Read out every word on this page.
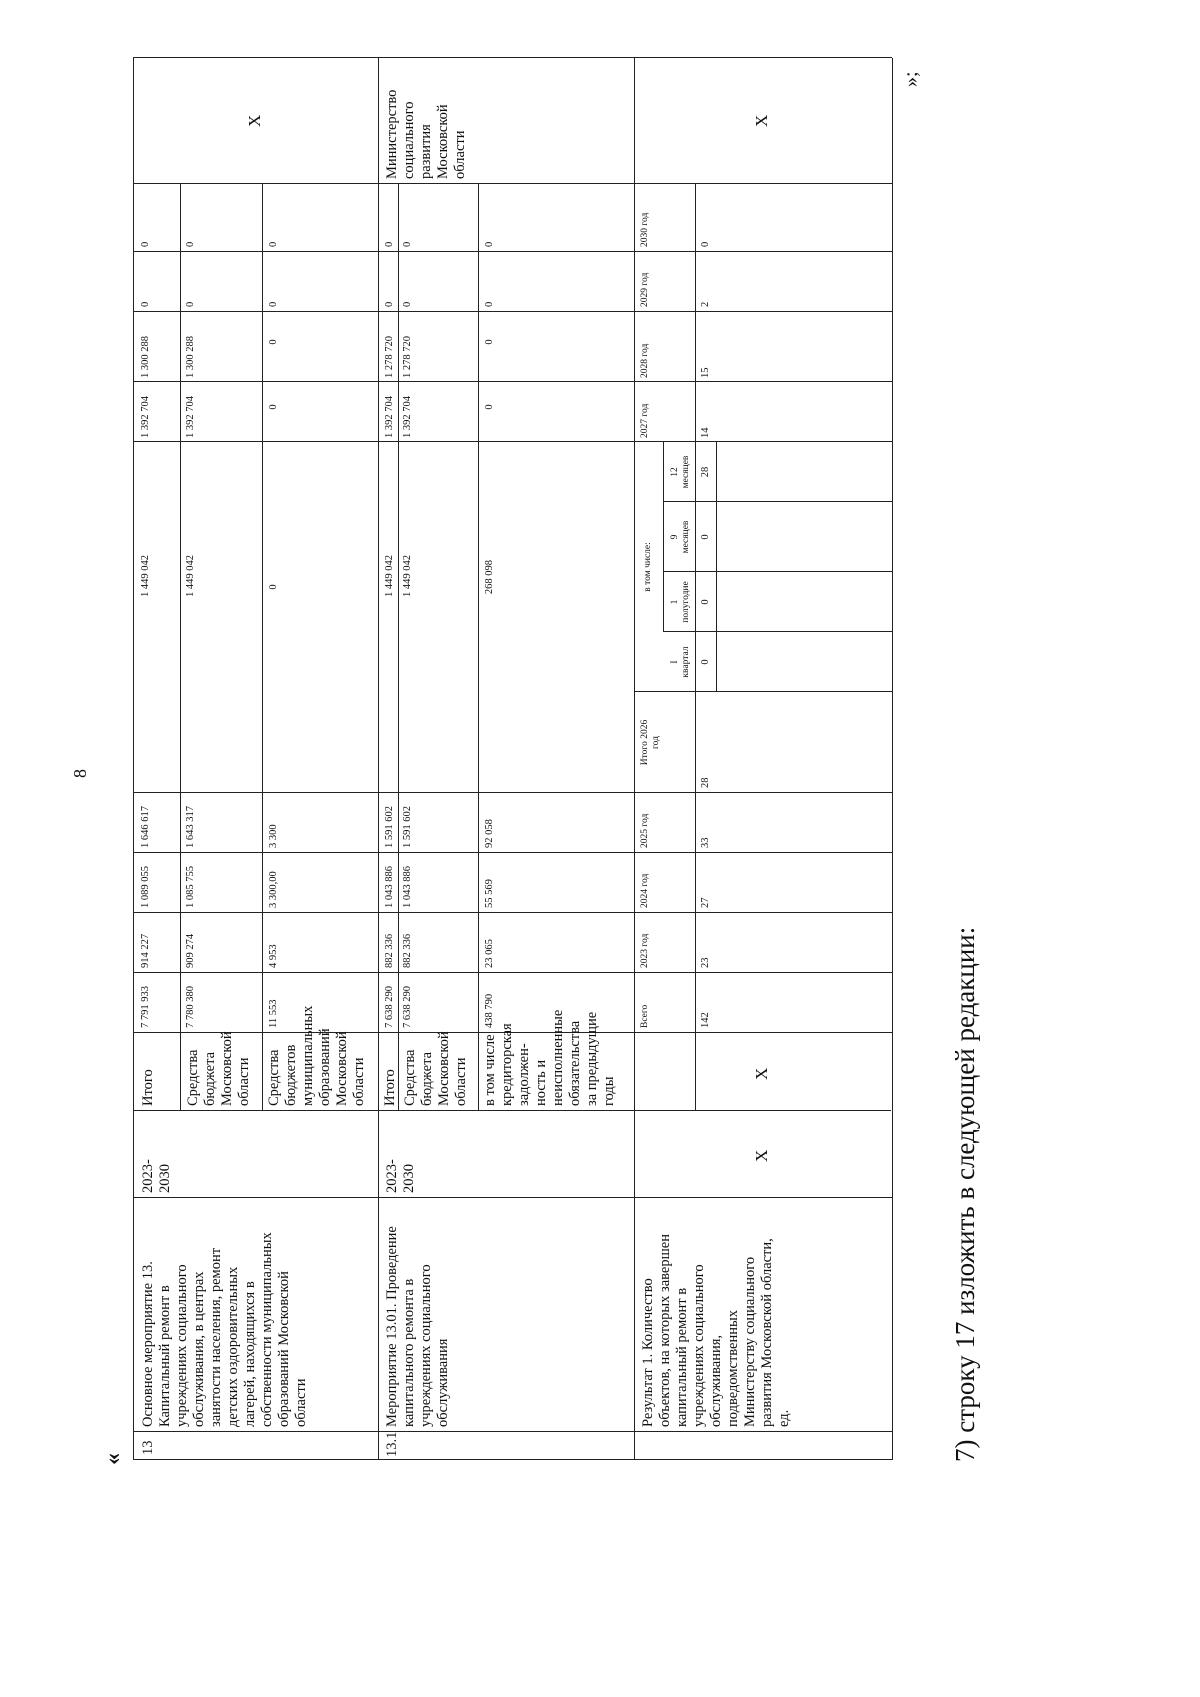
8
«
»;
7) строку 17 изложить в следующей редакции:
13
Основное мероприятие 13.
Капитальный ремонт в
учреждениях социального
обслуживания, в центрах
занятости населения, ремонт
детских оздоровительных
лагерей, находящихся в
собственности муниципальных
образований Московской
области
2023-
2030
X
Итого Средства
бюджета
Московской
области Средства
бюджетов
муниципальных
образований
Московской
области
7 791 933
914 227
1 089 055
1 646 617
1 449 042
1 392 704
1 300 288
0
0
7 780 380
909 274
1 085 755
1 643 317
1 449 042
1 392 704
1 300 288
0
0
11 553
4 953
3 300,00
3 300
0
0
0
0
0
13.1
Мероприятие 13.01. Проведение
капитального ремонта в
учреждениях социального
обслуживания
2023-
2030
Министерство
социального
развития
Московской
области
Итого Средства
бюджета
Московской
области в том числе
кредиторская
задолжен-
ность и
неисполненные
обязательства
за предыдущие
годы
7 638 290
882 336
1 043 886
1 591 602
1 449 042
1 392 704
1 278 720
0
0
7 638 290
882 336
1 043 886
1 591 602
1 449 042
1 392 704
1 278 720
0
0
438 790
23 065
55 569
92 058
268 098
0
0
0
0
Результат 1. Количество
объектов, на которых завершен
капитальный ремонт в
учреждениях социального
обслуживания,
подведомственных
Министерству социального
развития Московской области,
ед.
X
X
X
Всего
2023 год
2024 год
2025 год
Итого 2026
год
в том числе:
I
квартал
1
полугодие
9
месяцев
12
месяцев
2027 год
2028 год
2029 год
2030 год
142
23
27
33
28
0
0
0
28
14
15
2
0
